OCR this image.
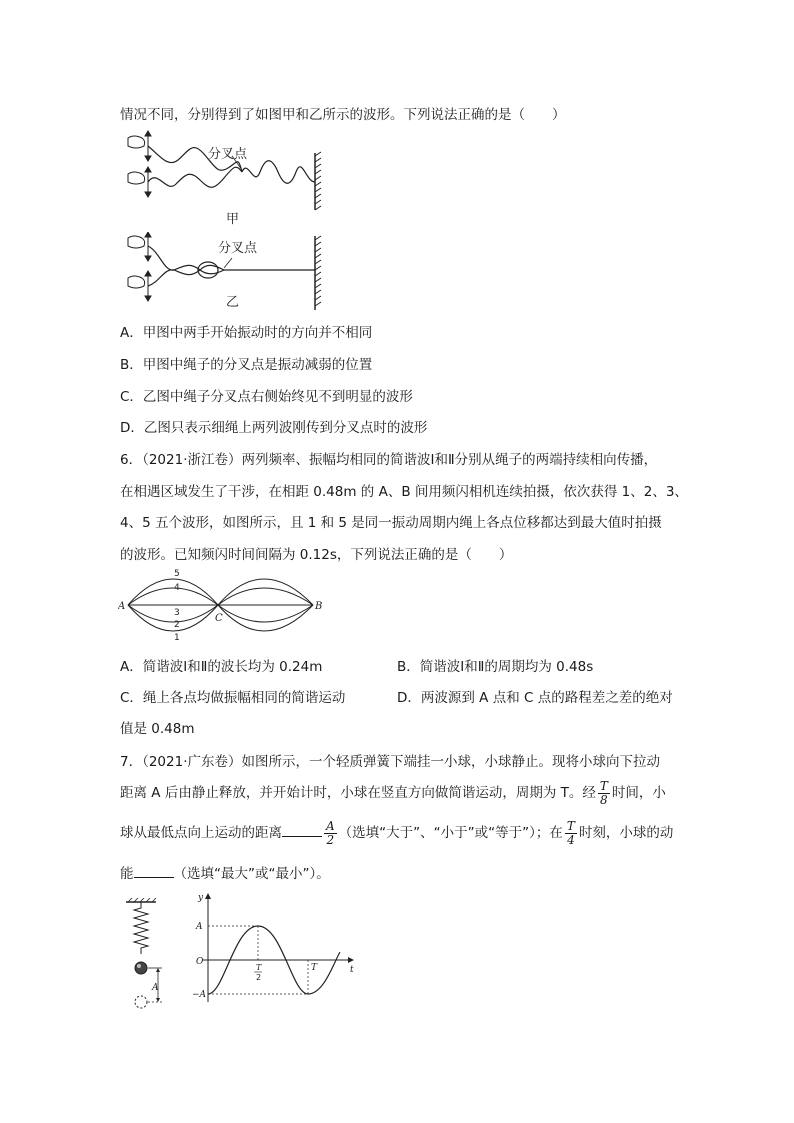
情况不同，分别得到了如图甲和乙所示的波形。下列说法正确的是（　　）
分叉点
甲
分叉点
乙
A．甲图中两手开始振动时的方向并不相同
B．甲图中绳子的分叉点是振动减弱的位置
C．乙图中绳子分叉点右侧始终见不到明显的波形
D．乙图只表示细绳上两列波刚传到分叉点时的波形
6．（2021·浙江卷）两列频率、振幅均相同的简谐波Ⅰ和Ⅱ分别从绳子的两端持续相向传播，
在相遇区域发生了干涉，在相距 0.48m 的 A、B 间用频闪相机连续拍摄，依次获得 1、2、3、
4、5 五个波形，如图所示，且 1 和 5 是同一振动周期内绳上各点位移都达到最大值时拍摄
的波形。已知频闪时间间隔为 0.12s，下列说法正确的是（　　）
A	B
C
5
4
3
2
1
A．简谐波Ⅰ和Ⅱ的波长均为 0.24m	B．简谐波Ⅰ和Ⅱ的周期均为 0.48s
C．绳上各点均做振幅相同的简谐运动	D．两波源到 A 点和 C 点的路程差之差的绝对
值是 0.48m
7．（2021·广东卷）如图所示，一个轻质弹簧下端挂一小球，小球静止。现将小球向下拉动
距离 A 后由静止释放，并开始计时，小球在竖直方向做简谐运动，周期为 T。经 $\frac{T}{8}$ 时间，小
球从最低点向上运动的距离	$\frac{A}{2}$ （选填“大于”、“小于”或“等于”）；在 $\frac{T}{4}$ 时刻，小球的动
能	（选填“最大”或“最小”）。
A
y
t
O
A
−A
T
2
T
